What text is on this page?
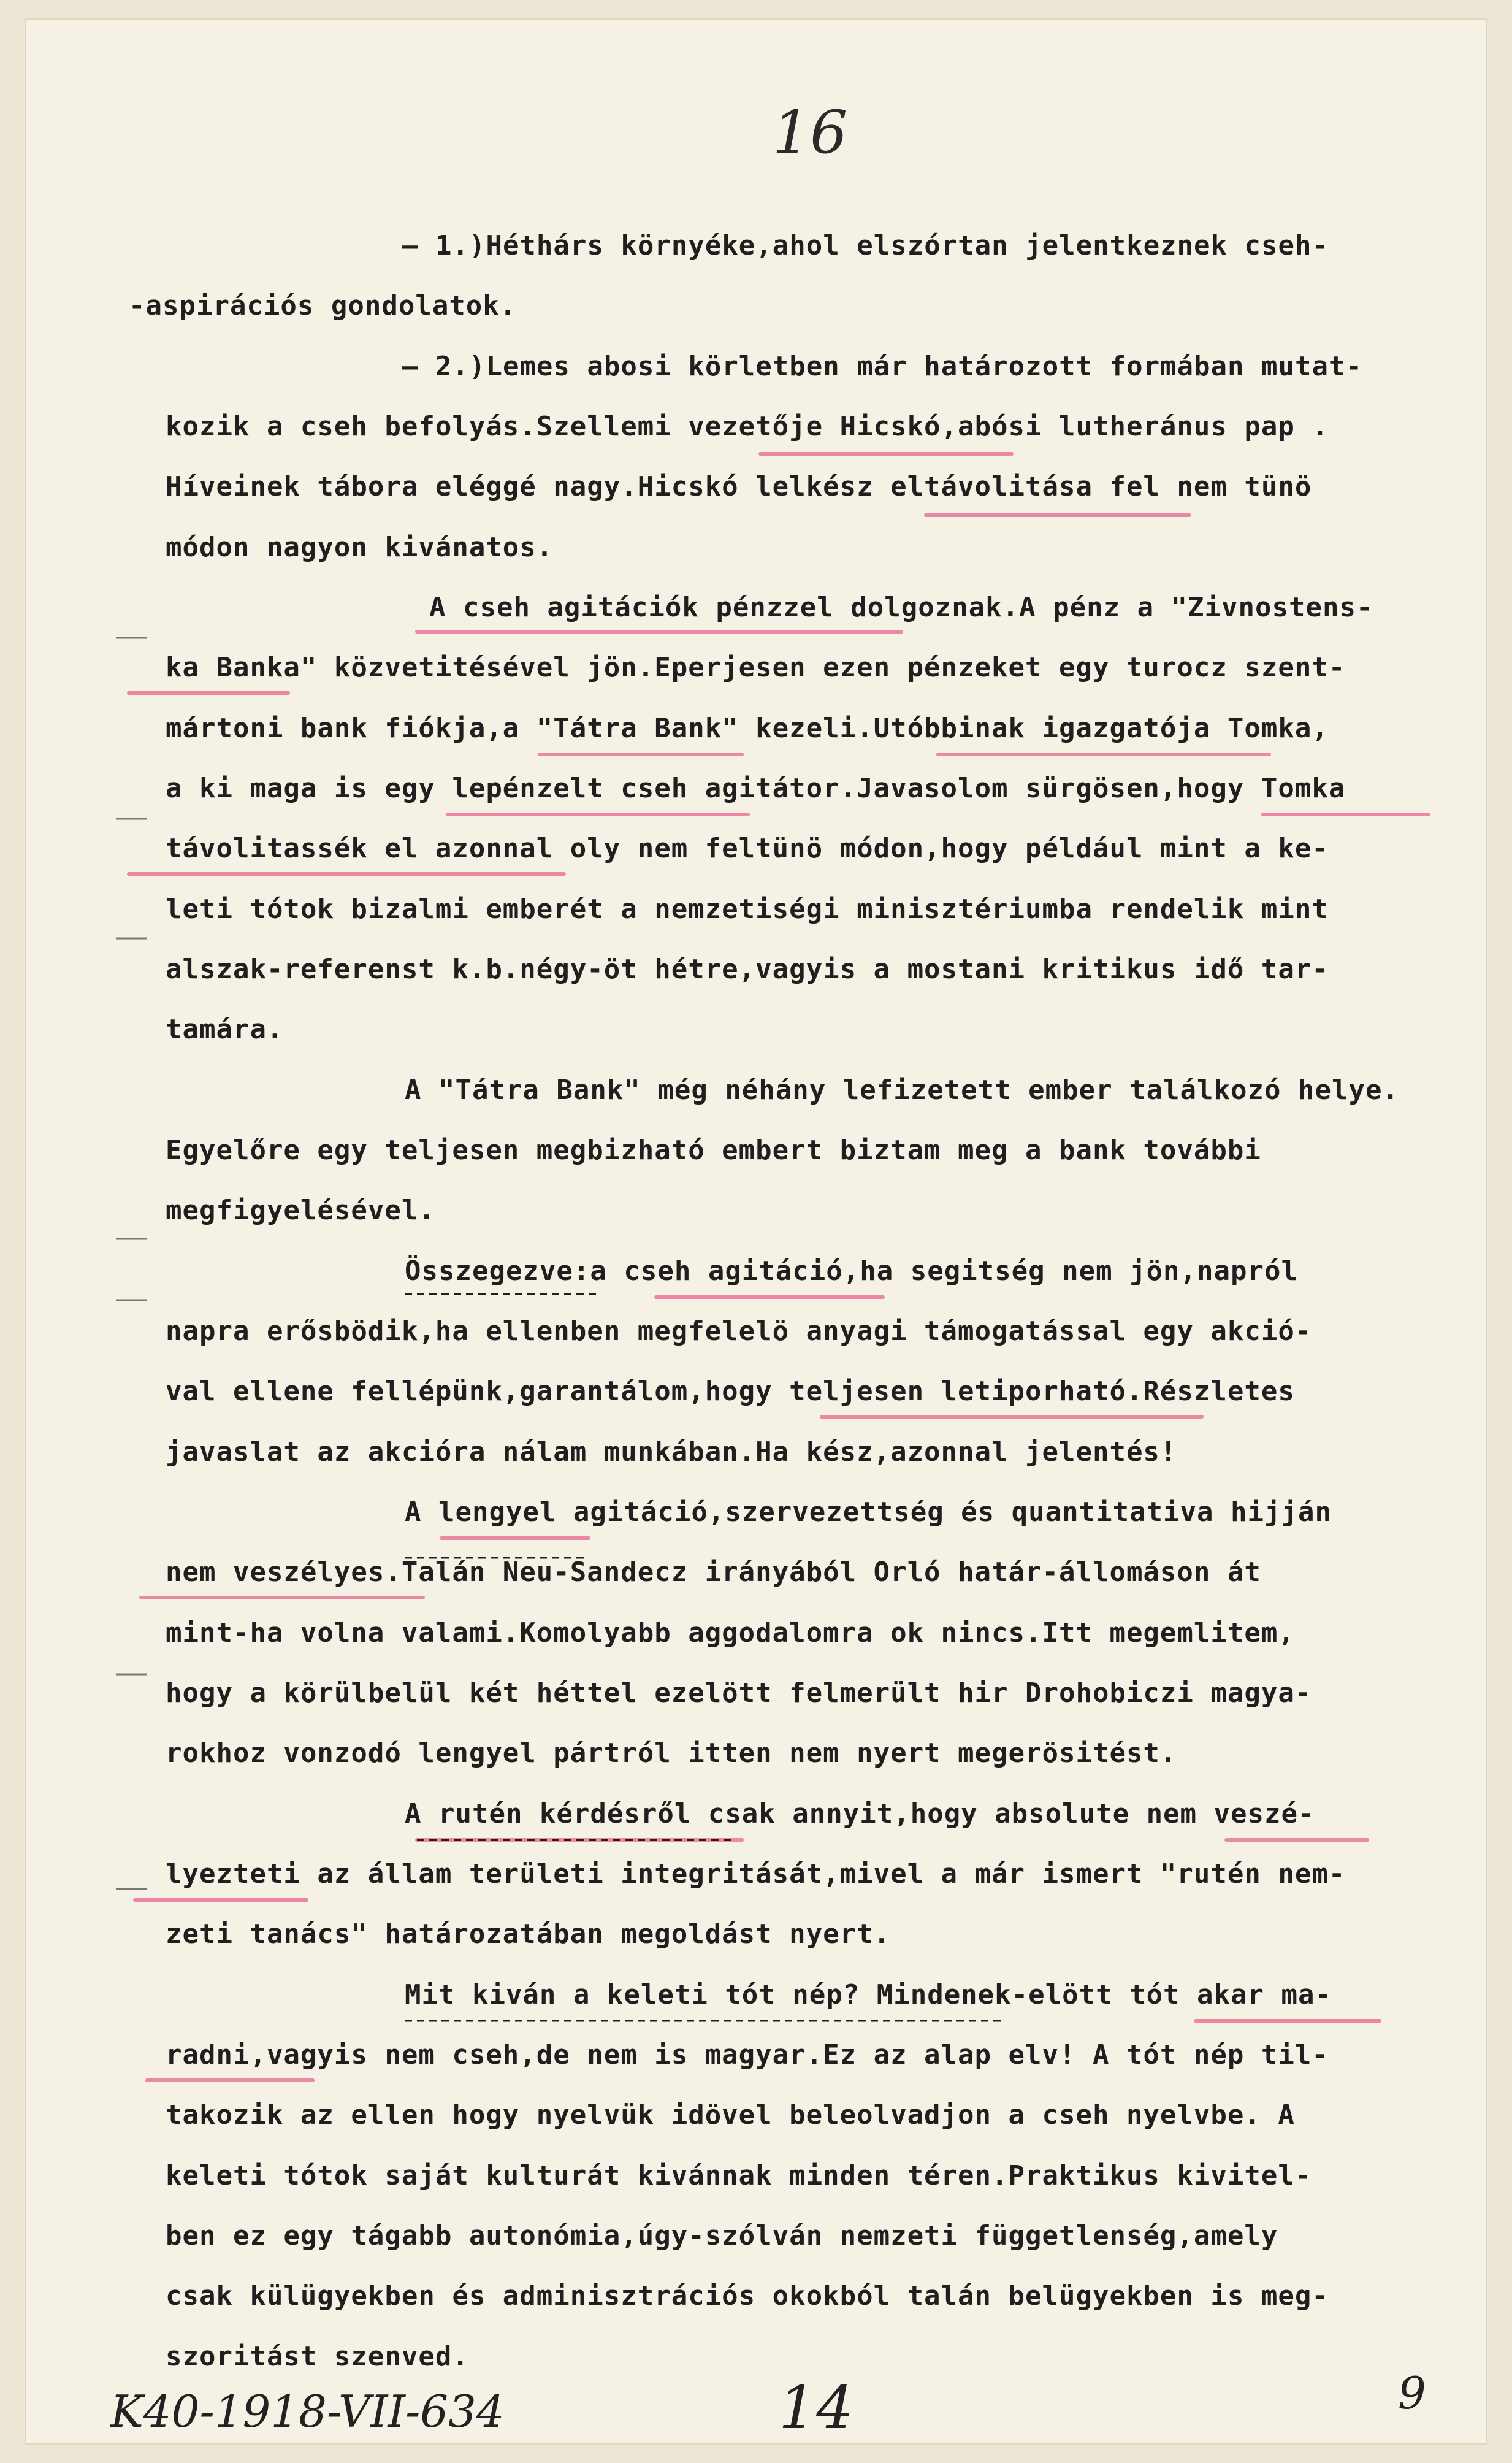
16
— 1.)Héthárs környéke,ahol elszórtan jelentkeznek cseh-
-aspirációs gondolatok.
— 2.)Lemes abosi körletben már határozott formában mutat-
kozik a cseh befolyás.Szellemi vezetője Hicskó,abósi lutheránus pap .
Híveinek tábora eléggé nagy.Hicskó lelkész eltávolitása fel nem tünö
módon nagyon kivánatos.
A cseh agitációk pénzzel dolgoznak.A pénz a "Zivnostens-
ka Banka" közvetitésével jön.Eperjesen ezen pénzeket egy turocz szent-
mártoni bank fiókja,a "Tátra Bank" kezeli.Utóbbinak igazgatója Tomka,
a ki maga is egy lepénzelt cseh agitátor.Javasolom sürgösen,hogy Tomka
távolitassék el azonnal oly nem feltünö módon,hogy például mint a ke-
leti tótok bizalmi emberét a nemzetiségi minisztériumba rendelik mint
alszak-referenst k.b.négy-öt hétre,vagyis a mostani kritikus idő tar-
tamára.
A "Tátra Bank" még néhány lefizetett ember találkozó helye.
Egyelőre egy teljesen megbizható embert biztam meg a bank további
megfigyelésével.
Összegezve:a cseh agitáció,ha segitség nem jön,napról
napra erősbödik,ha ellenben megfelelö anyagi támogatással egy akció-
val ellene fellépünk,garantálom,hogy teljesen letiporható.Részletes
javaslat az akcióra nálam munkában.Ha kész,azonnal jelentés!
A lengyel agitáció,szervezettség és quantitativa hijján
nem veszélyes.Talán Neu-Sandecz irányából Orló határ-állomáson át
mint-ha volna valami.Komolyabb aggodalomra ok nincs.Itt megemlitem,
hogy a körülbelül két héttel ezelött felmerült hir Drohobiczi magya-
rokhoz vonzodó lengyel pártról itten nem nyert megerösitést.
A rutén kérdésről csak annyit,hogy absolute nem veszé-
lyezteti az állam területi integritását,mivel a már ismert "rutén nem-
zeti tanács" határozatában megoldást nyert.
Mit kiván a keleti tót nép? Mindenek-elött tót akar ma-
radni,vagyis nem cseh,de nem is magyar.Ez az alap elv! A tót nép til-
takozik az ellen hogy nyelvük idövel beleolvadjon a cseh nyelvbe. A
keleti tótok saját kulturát kivánnak minden téren.Praktikus kivitel-
ben ez egy tágabb autonómia,úgy-szólván nemzeti függetlenség,amely
csak külügyekben és adminisztrációs okokból talán belügyekben is meg-
szoritást szenved.
K40-1918-VII-634	14	9
